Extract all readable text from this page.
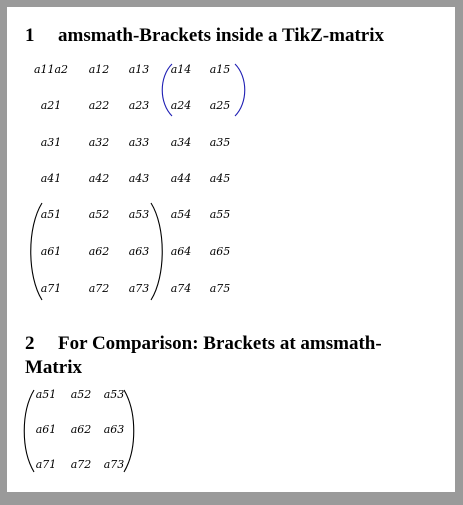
1 amsmath-Brackets inside a TikZ-matrix
a11a2 a12 a13 a14 a15
a21 a22 a23 a24 a25
a31 a32 a33 a34 a35
a41 a42 a43 a44 a45
a51 a52 a53 a54 a55
a61 a62 a63 a64 a65
a71 a72 a73 a74 a75
2 For Comparison: Brackets at amsmath-
Matrix
a51 a52 a53
a61 a62 a63
a71 a72 a73
